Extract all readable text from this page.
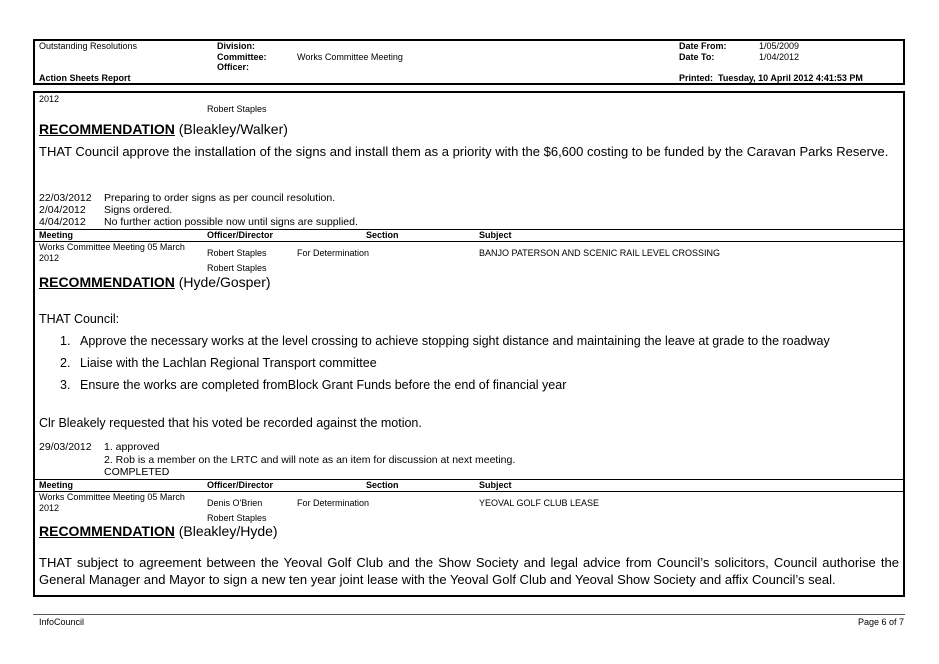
Outstanding Resolutions
Action Sheets Report
Division:
Committee:	Works Committee Meeting
Officer:
Date From:	1/05/2009
Date To:	1/04/2012
Printed: Tuesday, 10 April 2012 4:41:53 PM
2012
Robert Staples
RECOMMENDATION (Bleakley/Walker)
THAT Council approve the installation of the signs and install them as a priority with the $6,600 costing to be funded by the Caravan Parks Reserve.
22/03/2012 Preparing to order signs as per council resolution.
2/04/2012 Signs ordered.
4/04/2012 No further action possible now until signs are supplied.
Meeting	Officer/Director	Section	Subject
Works Committee Meeting 05 March
2012	Robert Staples	For Determination	BANJO PATERSON AND SCENIC RAIL LEVEL CROSSING
Robert Staples
RECOMMENDATION (Hyde/Gosper)
THAT Council:
1. Approve the necessary works at the level crossing to achieve stopping sight distance and maintaining the leave at grade to the roadway
2. Liaise with the Lachlan Regional Transport committee
3. Ensure the works are completed fromBlock Grant Funds before the end of financial year
Clr Bleakely requested that his voted be recorded against the motion.
29/03/2012 1. approved
2. Rob is a member on the LRTC and will note as an item for discussion at next meeting.
COMPLETED
Meeting	Officer/Director	Section	Subject
Works Committee Meeting 05 March
2012	Denis O'Brien	For Determination	YEOVAL GOLF CLUB LEASE
Robert Staples
RECOMMENDATION (Bleakley/Hyde)
THAT subject to agreement between the Yeoval Golf Club and the Show Society and legal advice from Council’s solicitors, Council authorise the General Manager and Mayor to sign a new ten year joint lease with the Yeoval Golf Club and Yeoval Show Society and affix Council’s seal.
InfoCouncil	Page 6 of 7
